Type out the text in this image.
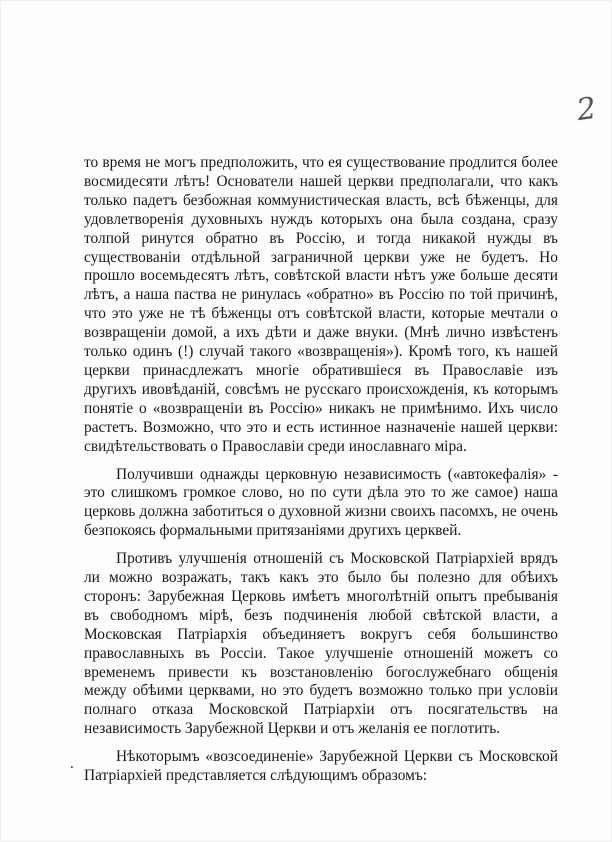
2
.

то время не могъ предположить, что ея существование продлится более восмидесяти лѣтъ! Основатели нашей церкви предполагали, что какъ только падетъ безбожная коммунистическая власть, всѣ бѣженцы, для удовлетворенія духовныхъ нуждъ которыхъ она была создана, сразу толпой ринутся обратно въ Россію, и тогда никакой нужды въ существованіи отдѣльной заграничной церкви уже не будетъ. Но прошло восемьдесятъ лѣтъ, совѣтской власти нѣтъ уже больше десяти лѣтъ, а наша паства не ринулась «обратно» въ Россію по той причинѣ, что это уже не тѣ бѣженцы отъ совѣтской власти, которые мечтали о возвращеніи домой, а ихъ дѣти и даже внуки. (Мнѣ лично извѣстенъ только одинъ (!) случай такого «возвращенія»). Кромѣ того, къ нашей церкви принасдлежатъ многіе обратившіеся въ Православіе изъ другихъ ивовѣданій, совсѣмъ не русскаго происхожденія, къ которымъ понятіе о «возвращеніи въ Россію» никакъ не примѣнимо. Ихъ число растетъ. Возможно, что это и есть истинное назначеніе нашей церкви: свидѣтельствовать о Православіи среди инославнаго міра.

Получивши однажды церковную независимость («автокефалія» - это слишкомъ громкое слово, но по сути дѣла это то же самое) наша церковь должна заботиться о духовной жизни своихъ пасомхъ, не очень безпокоясь формальными притязаніями другихъ церквей.

Противъ улучшенія отношеній съ Московской Патріархіей врядъ ли можно возражать, такъ какъ это было бы полезно для обѣихъ сторонъ: Зарубежная Церковь имѣетъ многолѣтній опытъ пребыванія въ свободномъ мірѣ, безъ подчиненія любой свѣтской власти, а Московская Патріархія объединяетъ вокругъ себя большинство православныхъ въ Россіи. Такое улучшеніе отношеній можетъ со временемъ привести къ возстановленію богослужебнаго общенія между обѣими церквами, но это будетъ возможно только при условіи полнагo отказа Московской Патріархіи отъ посягательствъ на независимость Зарубежной Церкви и отъ желанія ее поглотить.

Нѣкоторымъ «возсоединеніе» Зарубежной Церкви съ Московской Патріархіей представляется слѣдующимъ образомъ:
